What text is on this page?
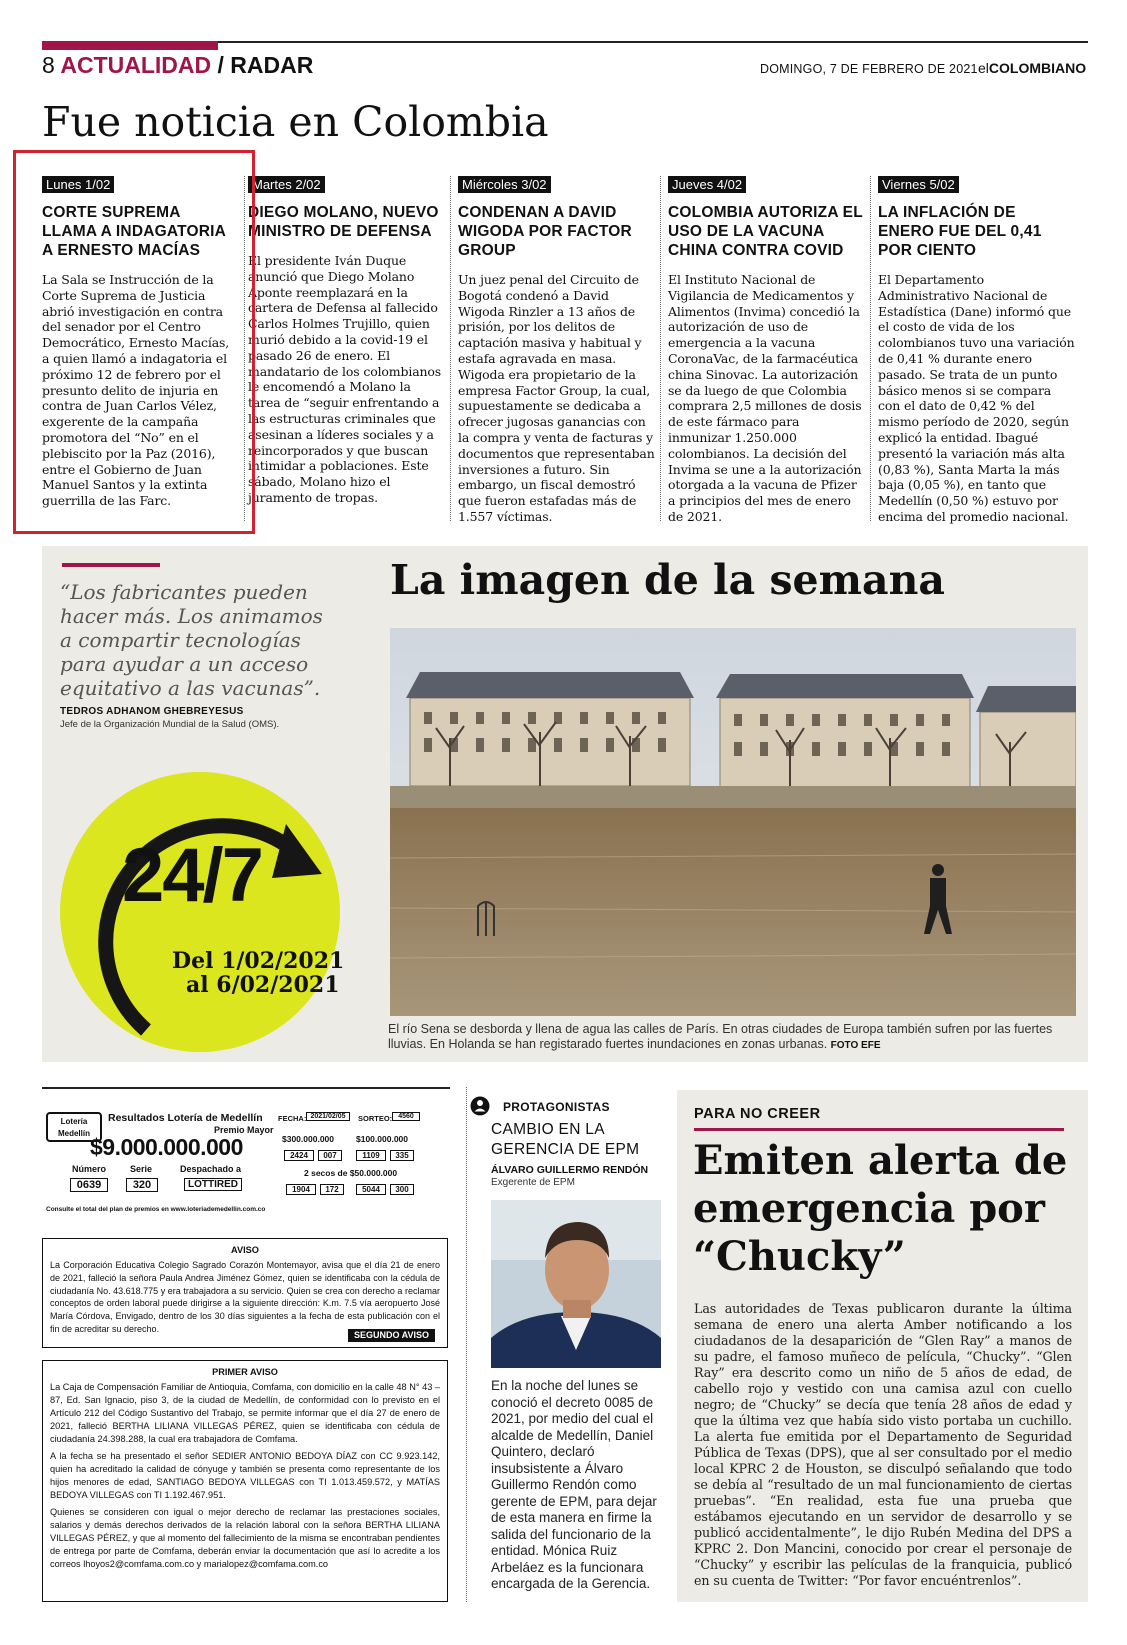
8 ACTUALIDAD / RADAR	DOMINGO, 7 DE FEBRERO DE 2021 elCOLOMBIANO
Fue noticia en Colombia
Lunes 1/02
CORTE SUPREMA LLAMA A INDAGATORIA A ERNESTO MACÍAS

La Sala se Instrucción de la Corte Suprema de Justicia abrió investigación en contra del senador por el Centro Democrático, Ernesto Macías, a quien llamó a indagatoria el próximo 12 de febrero por el presunto delito de injuria en contra de Juan Carlos Vélez, exgerente de la campaña promotora del “No” en el plebiscito por la Paz (2016), entre el Gobierno de Juan Manuel Santos y la extinta guerrilla de las Farc.

Martes 2/02
DIEGO MOLANO, NUEVO MINISTRO DE DEFENSA

El presidente Iván Duque anunció que Diego Molano Aponte reemplazará en la cartera de Defensa al fallecido Carlos Holmes Trujillo, quien murió debido a la covid-19 el pasado 26 de enero. El mandatario de los colombianos le encomendó a Molano la tarea de “seguir enfrentando a las estructuras criminales que asesinan a líderes sociales y a reincorporados y que buscan intimidar a poblaciones. Este sábado, Molano hizo el juramento de tropas.

Miércoles 3/02
CONDENAN A DAVID WIGODA POR FACTOR GROUP

Un juez penal del Circuito de Bogotá condenó a David Wigoda Rinzler a 13 años de prisión, por los delitos de captación masiva y habitual y estafa agravada en masa. Wigoda era propietario de la empresa Factor Group, la cual, supuestamente se dedicaba a ofrecer jugosas ganancias con la compra y venta de facturas y documentos que representaban inversiones a futuro. Sin embargo, un fiscal demostró que fueron estafadas más de 1.557 víctimas.

Jueves 4/02
COLOMBIA AUTORIZA EL USO DE LA VACUNA CHINA CONTRA COVID

El Instituto Nacional de Vigilancia de Medicamentos y Alimentos (Invima) concedió la autorización de uso de emergencia a la vacuna CoronaVac, de la farmacéutica china Sinovac. La autorización se da luego de que Colombia comprara 2,5 millones de dosis de este fármaco para inmunizar 1.250.000 colombianos. La decisión del Invima se une a la autorización otorgada a la vacuna de Pfizer a principios del mes de enero de 2021.

Viernes 5/02
LA INFLACIÓN DE ENERO FUE DEL 0,41 POR CIENTO

El Departamento Administrativo Nacional de Estadística (Dane) informó que el costo de vida de los colombianos tuvo una variación de 0,41 % durante enero pasado. Se trata de un punto básico menos si se compara con el dato de 0,42 % del mismo período de 2020, según explicó la entidad. Ibagué presentó la variación más alta (0,83 %), Santa Marta la más baja (0,05 %), en tanto que Medellín (0,50 %) estuvo por encima del promedio nacional.

“Los fabricantes pueden hacer más. Los animamos a compartir tecnologías para ayudar a un acceso equitativo a las vacunas”.

TEDROS ADHANOM GHEBREYESUS
Jefe de la Organización Mundial de la Salud (OMS).
24/7
Del 1/02/2021
al 6/02/2021
La imagen de la semana

El río Sena se desborda y llena de agua las calles de París. En otras ciudades de Europa también sufren por las fuertes lluvias. En Holanda se han registarado fuertes inundaciones en zonas urbanas. FOTO EFE

Lotería
Medellín
Resultados Lotería de Medellín
Premio Mayor
$9.000.000.000
Número	Serie	Despachado a
0639	320	LOTTIRED
FECHA: 2021/02/05	SORTEO: 4560
$300.000.000
2424	007
$100.000.000
1109	335
2 secos de $50.000.000
1904	172	5044	300
Consulte el total del plan de premios en www.loteriademedellin.com.co
AVISO

La Corporación Educativa Colegio Sagrado Corazón Montemayor, avisa que el día 21 de enero de 2021, falleció la señora Paula Andrea Jiménez Gómez, quien se identificaba con la cédula de ciudadanía No. 43.618.775 y era trabajadora a su servicio. Quien se crea con derecho a reclamar conceptos de orden laboral puede dirigirse a la siguiente dirección: K.m. 7.5 vía aeropuerto José María Córdova, Envigado, dentro de los 30 días siguientes a la fecha de esta publicación con el fin de acreditar su derecho.

SEGUNDO AVISO
PRIMER AVISO

La Caja de Compensación Familiar de Antioquia, Comfama, con domicilio en la calle 48 N° 43 – 87, Ed. San Ignacio, piso 3, de la ciudad de Medellín, de conformidad con lo previsto en el Artículo 212 del Código Sustantivo del Trabajo, se permite informar que el día 27 de enero de 2021, falleció BERTHA LILIANA VILLEGAS PÉREZ, quien se identificaba con cédula de ciudadanía 24.398.288, la cual era trabajadora de Comfama.

A la fecha se ha presentado el señor SEDIER ANTONIO BEDOYA DÍAZ con CC 9.923.142, quien ha acreditado la calidad de cónyuge y también se presenta como representante de los hijos menores de edad, SANTIAGO BEDOYA VILLEGAS con TI 1.013.459.572, y MATÍAS BEDOYA VILLEGAS con TI 1.192.467.951.

Quienes se consideren con igual o mejor derecho de reclamar las prestaciones sociales, salarios y demás derechos derivados de la relación laboral con la señora BERTHA LILIANA VILLEGAS PÉREZ, y que al momento del fallecimiento de la misma se encontraban pendientes de entrega por parte de Comfama, deberán enviar la documentación que así lo acredite a los correos lhoyos2@comfama.com.co y marialopez@comfama.com.co

PROTAGONISTAS
CAMBIO EN LA GERENCIA DE EPM
ÁLVARO GUILLERMO RENDÓN
Exgerente de EPM

En la noche del lunes se conoció el decreto 0085 de 2021, por medio del cual el alcalde de Medellín, Daniel Quintero, declaró insubsistente a Álvaro Guillermo Rendón como gerente de EPM, para dejar de esta manera en firme la salida del funcionario de la entidad. Mónica Ruiz Arbeláez es la funcionara encargada de la Gerencia.

PARA NO CREER
Emiten alerta de emergencia por “Chucky”

Las autoridades de Texas publicaron durante la última semana de enero una alerta Amber notificando a los ciudadanos de la desaparición de “Glen Ray” a manos de su padre, el famoso muñeco de película, “Chucky”. “Glen Ray” era descrito como un niño de 5 años de edad, de cabello rojo y vestido con una camisa azul con cuello negro; de “Chucky” se decía que tenía 28 años de edad y que la última vez que había sido visto portaba un cuchillo. La alerta fue emitida por el Departamento de Seguridad Pública de Texas (DPS), que al ser consultado por el medio local KPRC 2 de Houston, se disculpó señalando que todo se debía al “resultado de un mal funcionamiento de ciertas pruebas”. “En realidad, esta fue una prueba que estábamos ejecutando en un servidor de desarrollo y se publicó accidentalmente”, le dijo Rubén Medina del DPS a KPRC 2. Don Mancini, conocido por crear el personaje de “Chucky” y escribir las películas de la franquicia, publicó en su cuenta de Twitter: “Por favor encuéntrenlos”.
